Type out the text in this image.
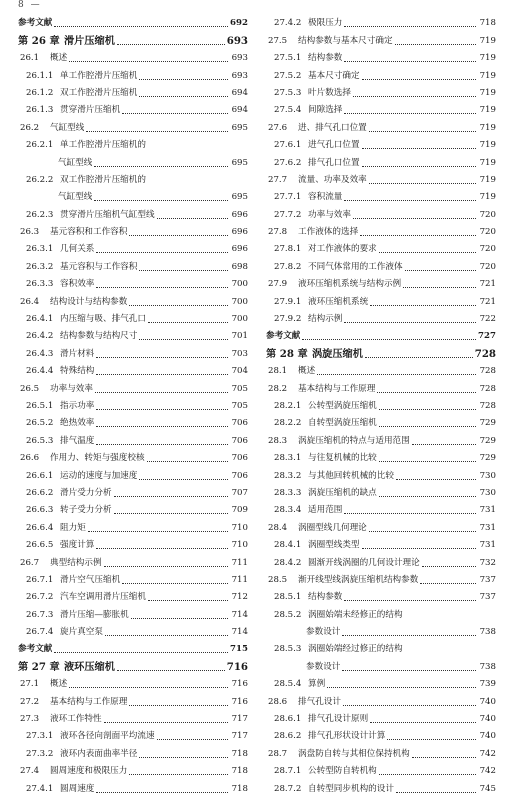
8 —
参考文献	692
第 26 章 滑片压缩机	693
26.1 概述	693
26.1.1 单工作腔滑片压缩机	693
26.1.2 双工作腔滑片压缩机	694
26.1.3 贯穿滑片压缩机	694
26.2 气缸型线	695
26.2.1 单工作腔滑片压缩机的
气缸型线	695
26.2.2 双工作腔滑片压缩机的
气缸型线	695
26.2.3 贯穿滑片压缩机气缸型线	696
26.3 基元容积和工作容积	696
26.3.1 几何关系	696
26.3.2 基元容积与工作容积	698
26.3.3 容积效率	700
26.4 结构设计与结构参数	700
26.4.1 内压缩与吸、排气孔口	700
26.4.2 结构参数与结构尺寸	701
26.4.3 滑片材料	703
26.4.4 特殊结构	704
26.5 功率与效率	705
26.5.1 指示功率	705
26.5.2 绝热效率	706
26.5.3 排气温度	706
26.6 作用力、转矩与强度校核	706
26.6.1 运动的速度与加速度	706
26.6.2 滑片受力分析	707
26.6.3 转子受力分析	709
26.6.4 阻力矩	710
26.6.5 强度计算	710
26.7 典型结构示例	711
26.7.1 滑片空气压缩机	711
26.7.2 汽车空调用滑片压缩机	712
26.7.3 滑片压缩—膨胀机	714
26.7.4 旋片真空泵	714
参考文献	715
第 27 章 液环压缩机	716
27.1 概述	716
27.2 基本结构与工作原理	716
27.3 液环工作特性	717
27.3.1 液环各径向剖面平均流速	717
27.3.2 液环内表面曲率半径	718
27.4 圆周速度和极限压力	718
27.4.1 圆周速度	718
27.4.2 极限压力	718
27.5 结构参数与基本尺寸确定	719
27.5.1 结构参数	719
27.5.2 基本尺寸确定	719
27.5.3 叶片数选择	719
27.5.4 间隙选择	719
27.6 进、排气孔口位置	719
27.6.1 进气孔口位置	719
27.6.2 排气孔口位置	719
27.7 流量、功率及效率	719
27.7.1 容积流量	719
27.7.2 功率与效率	720
27.8 工作液体的选择	720
27.8.1 对工作液体的要求	720
27.8.2 不同气体常用的工作液体	720
27.9 液环压缩机系统与结构示例	721
27.9.1 液环压缩机系统	721
27.9.2 结构示例	722
参考文献	727
第 28 章 涡旋压缩机	728
28.1 概述	728
28.2 基本结构与工作原理	728
28.2.1 公转型涡旋压缩机	728
28.2.2 自转型涡旋压缩机	729
28.3 涡旋压缩机的特点与适用范围	729
28.3.1 与往复机械的比较	729
28.3.2 与其他回转机械的比较	730
28.3.3 涡旋压缩机的缺点	730
28.3.4 适用范围	731
28.4 涡圈型线几何理论	731
28.4.1 涡圈型线类型	731
28.4.2 圆渐开线涡圈的几何设计理论	732
28.5 渐开线型线涡旋压缩机结构参数	737
28.5.1 结构参数	737
28.5.2 涡圈始端未经修正的结构
参数设计	738
28.5.3 涡圈始端经过修正的结构
参数设计	738
28.5.4 算例	739
28.6 排气孔设计	740
28.6.1 排气孔设计原则	740
28.6.2 排气孔形状设计计算	740
28.7 涡盘防自转与其相位保持机构	742
28.7.1 公转型防自转机构	742
28.7.2 自转型同步机构的设计	745
